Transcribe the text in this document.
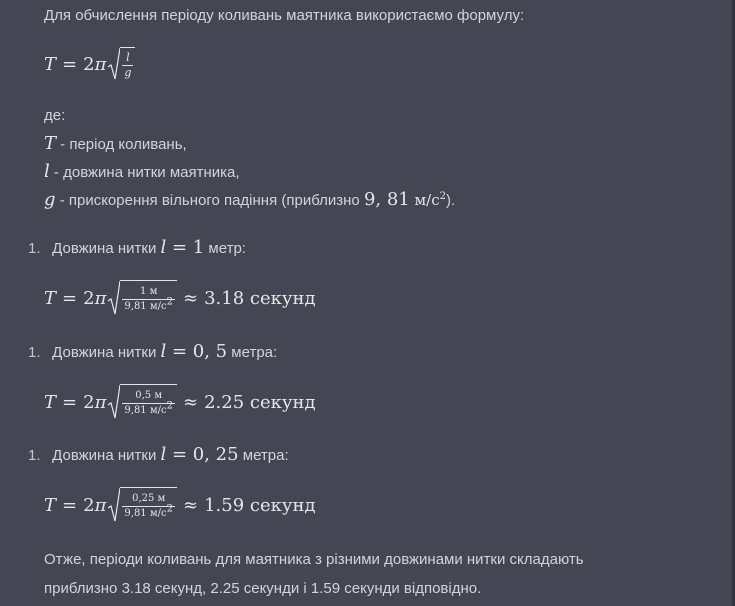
Для обчислення періоду коливань маятника використаємо формулу:
T = 2 π $\frac{l}{g}$
де:
T - період коливань,
l - довжина нитки маятника,
g - прискорення вільного падіння (приблизно 9, 81 $м/с^2$).
1. Довжина нитки l = 1 метр:
T = 2 π $\frac{1 м}{9,81 м/с^2} \approx 3.18$ секунд
1. Довжина нитки l = 0, 5 метра:
T = 2 π $\frac{0,5 м}{9,81 м/с^2} \approx 2.25$ секунд
1. Довжина нитки l = 0, 25 метра:
T = 2 π $\frac{0,25 м}{9,81 м/с^2} \approx 1.59$ секунд
Отже, періоди коливань для маятника з різними довжинами нитки складають
приблизно 3.18 секунд, 2.25 секунди і 1.59 секунди відповідно.
